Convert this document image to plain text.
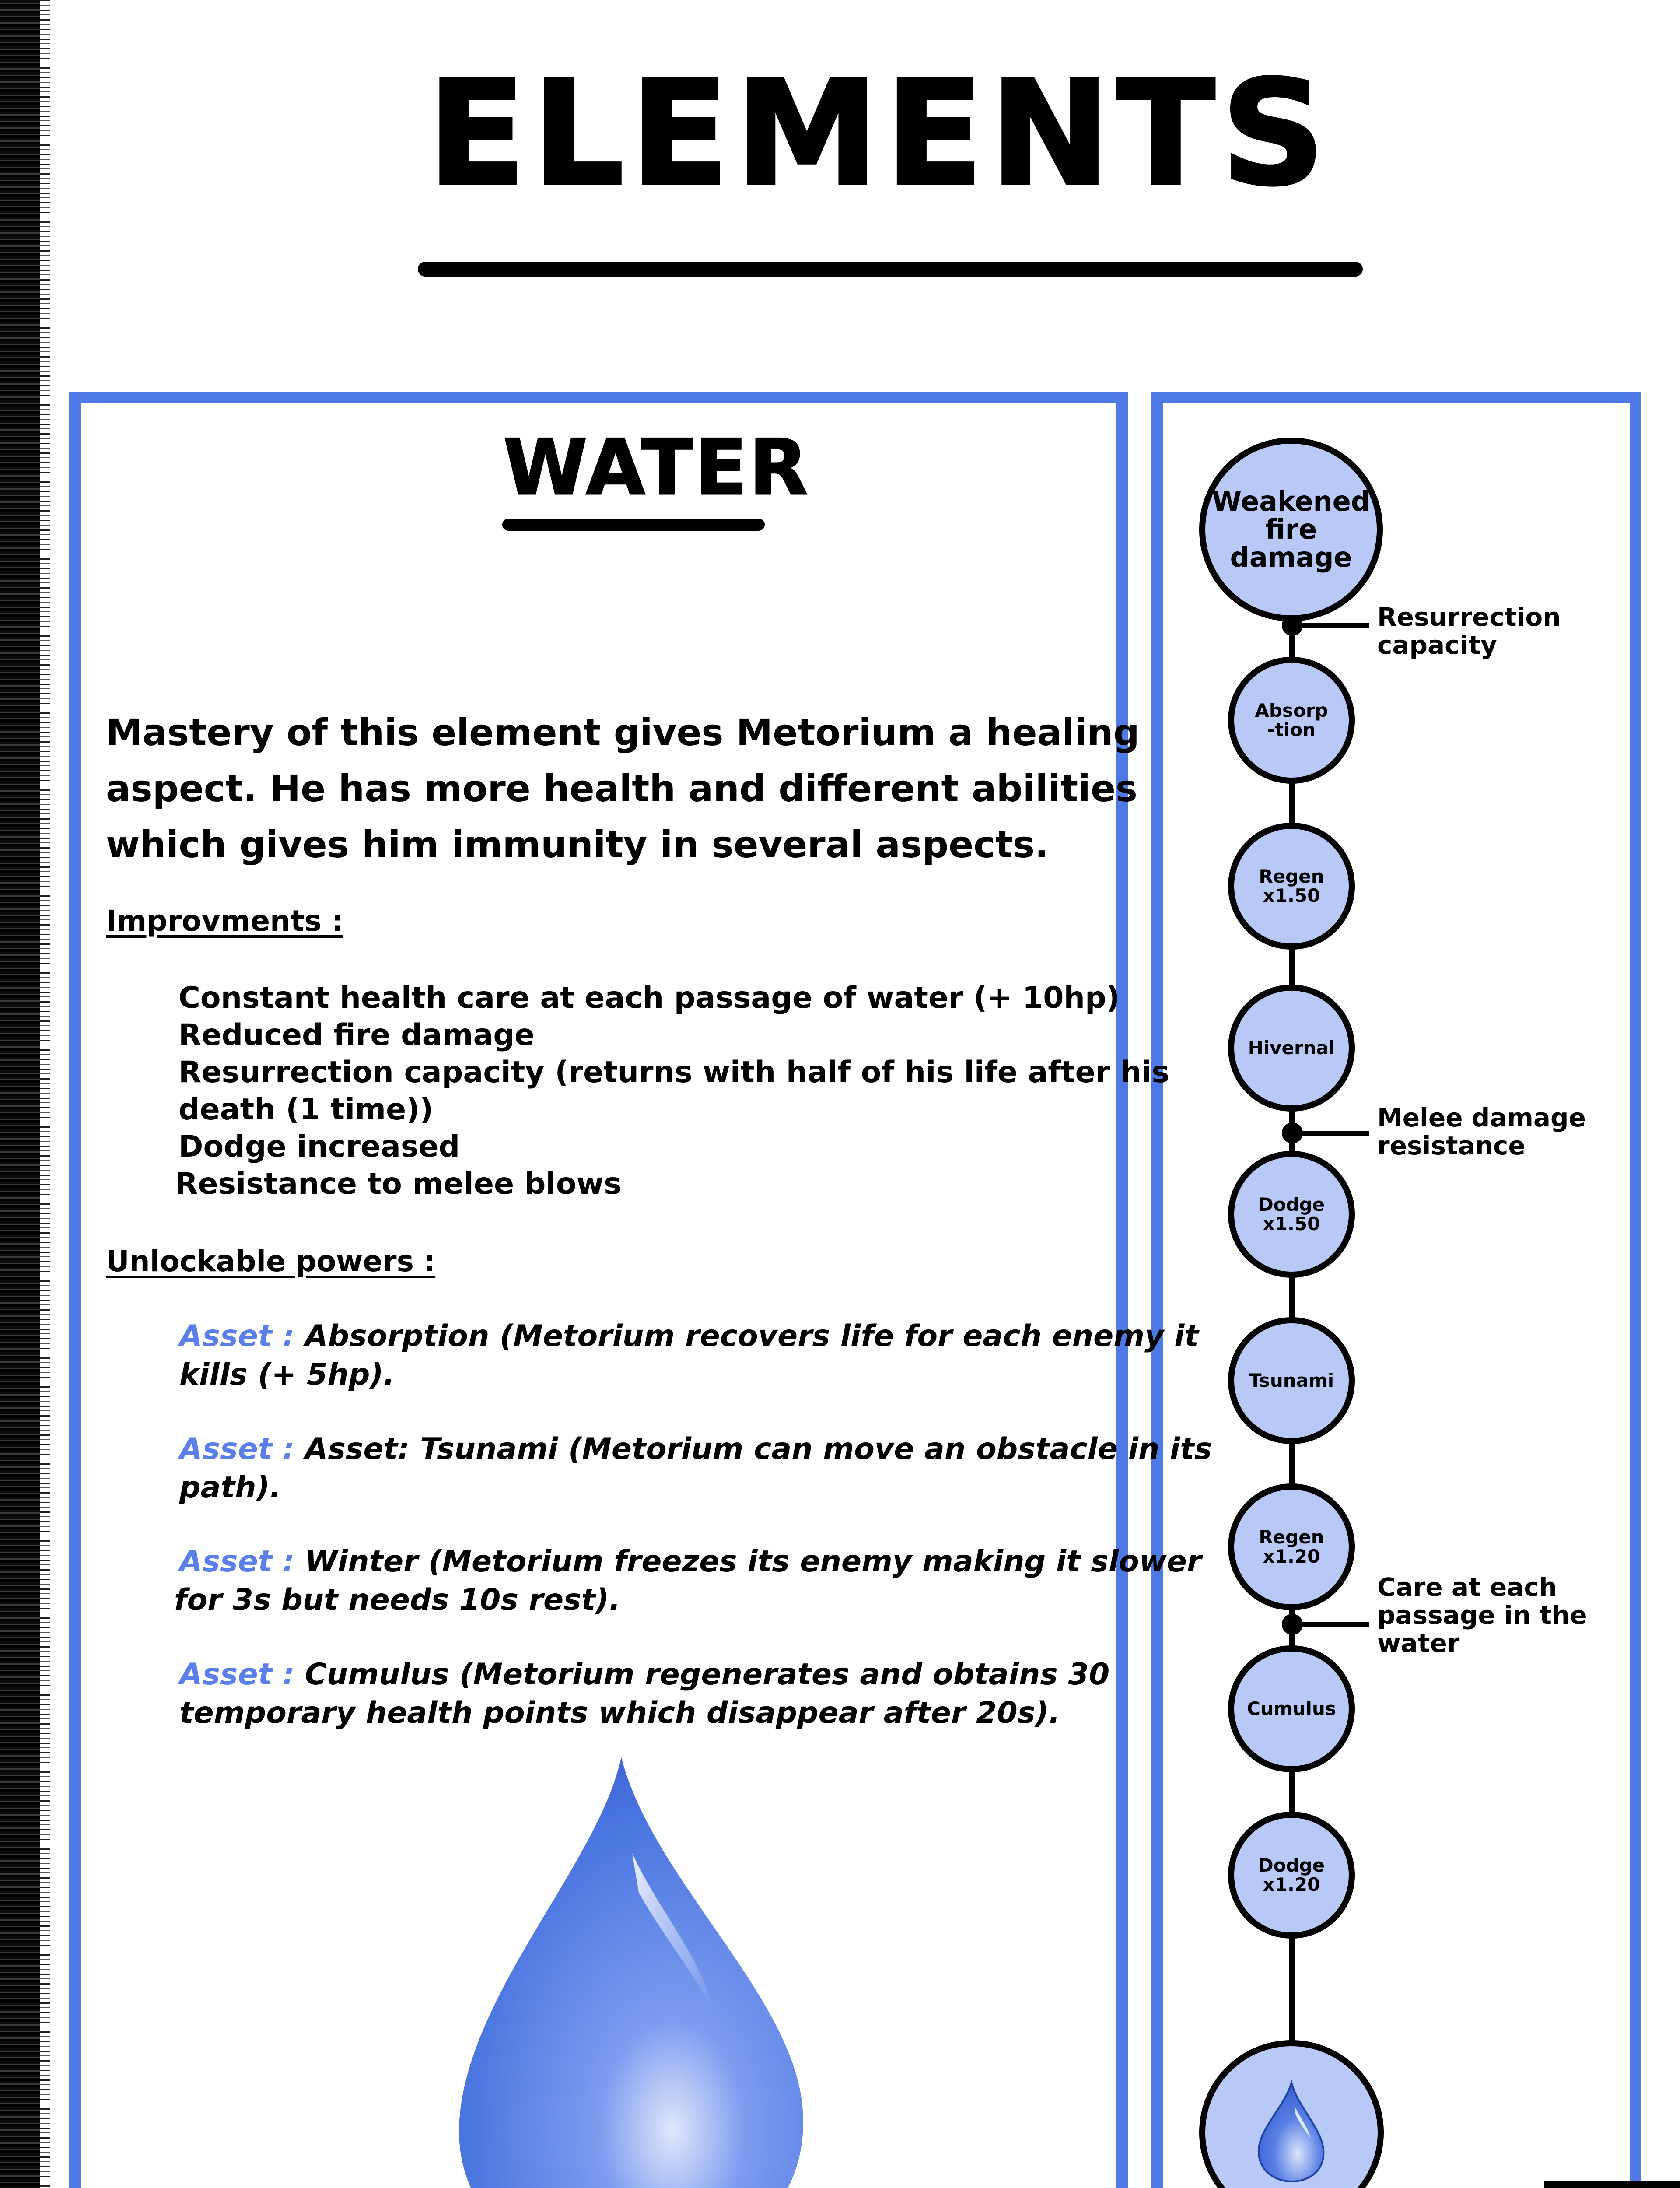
ELEMENTS
WATER
Mastery of this element gives Metorium a healing
aspect. He has more health and different abilities
which gives him immunity in several aspects.
Improvments :
Constant health care at each passage of water (+ 10hp)
Reduced fire damage
Resurrection capacity (returns with half of his life after his
death (1 time))
Dodge increased
Resistance to melee blows
Unlockable powers :
Asset : Absorption (Metorium recovers life for each enemy it
kills (+ 5hp).
Asset : Asset: Tsunami (Metorium can move an obstacle in its
path).
Asset : Winter (Metorium freezes its enemy making it slower
for 3s but needs 10s rest).
Asset : Cumulus (Metorium regenerates and obtains 30
temporary health points which disappear after 20s).
Weakened
fire
damage
Absorp
-tion
Regen
x1.50
Hivernal
Dodge
x1.50
Tsunami
Regen
x1.20
Cumulus
Dodge
x1.20
Resurrection
capacity
Melee damage
resistance
Care at each
passage in the
water
